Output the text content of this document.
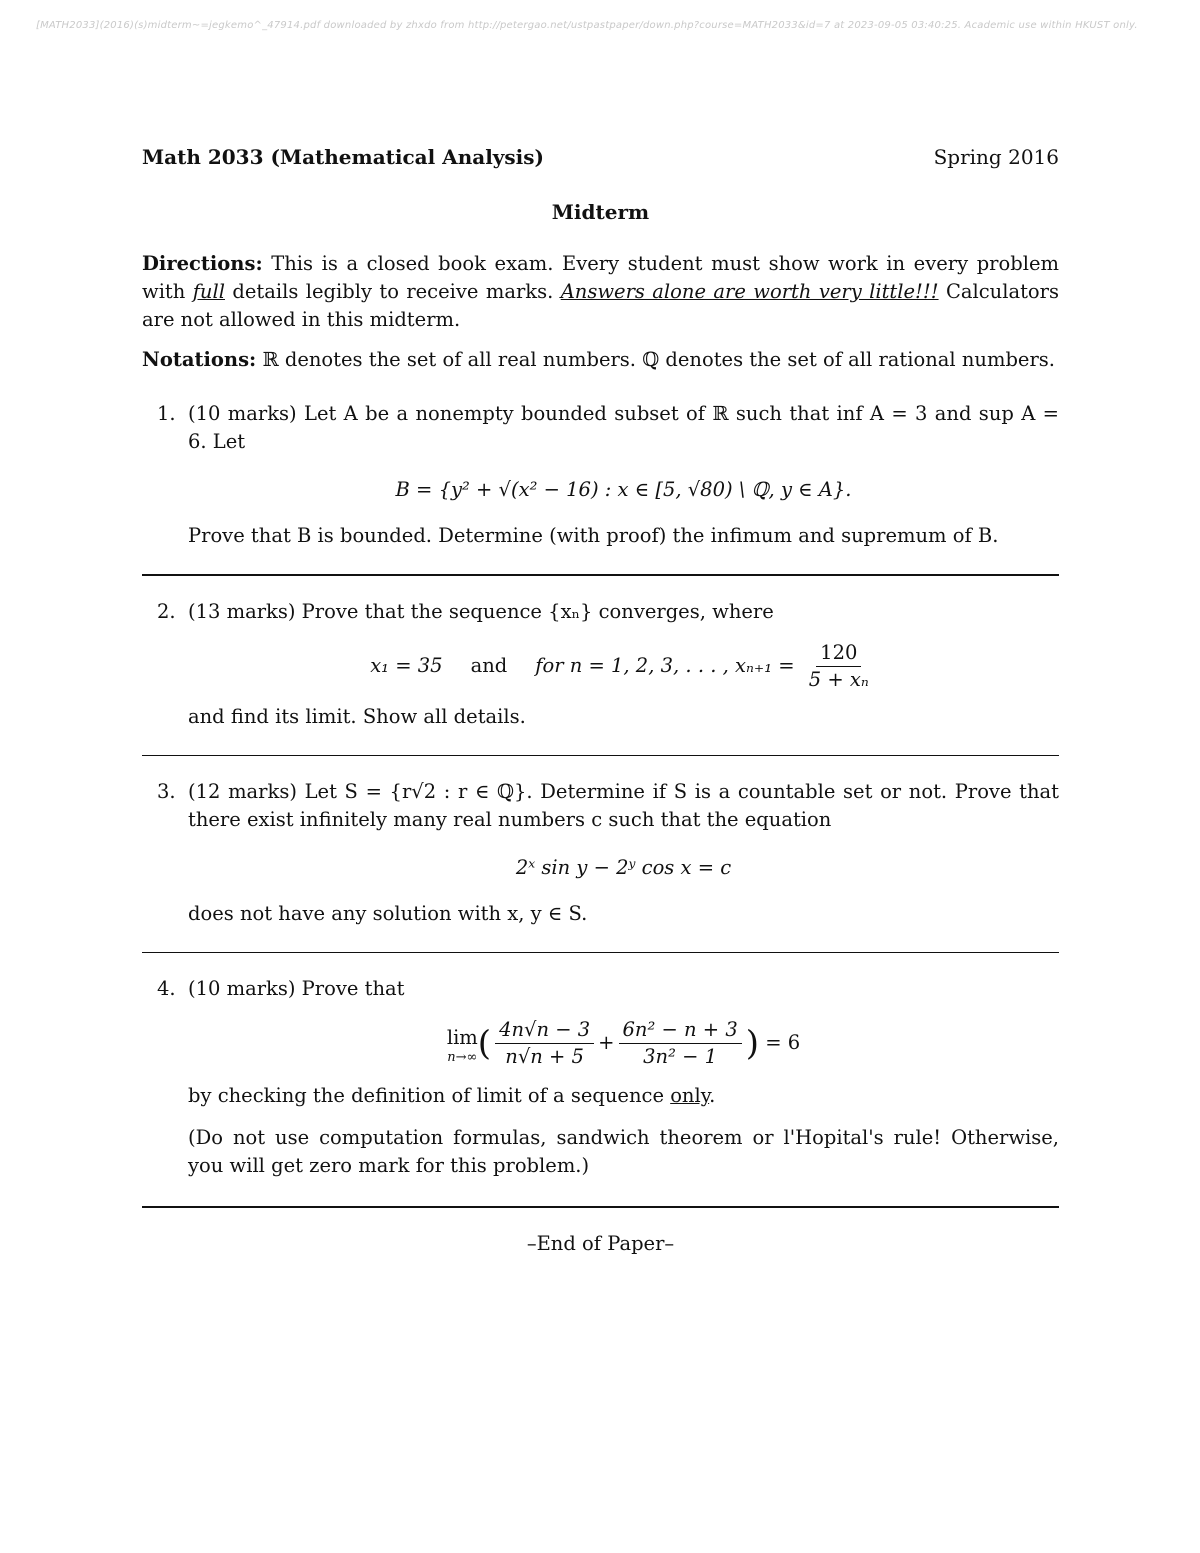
[MATH2033](2016)(s)midterm~=jegkemo^_47914.pdf downloaded by zhxdo from http://petergao.net/ustpastpaper/down.php?course=MATH2033&id=7 at 2023-09-05 03:40:25. Academic use within HKUST only.
Math 2033 (Mathematical Analysis)	Spring 2016
Midterm
Directions: This is a closed book exam. Every student must show work in every problem with full details legibly to receive marks. Answers alone are worth very little!!! Calculators are not allowed in this midterm.
Notations: ℝ denotes the set of all real numbers. ℚ denotes the set of all rational numbers.
1. (10 marks) Let A be a nonempty bounded subset of ℝ such that inf A = 3 and sup A = 6. Let
B = {y² + √(x² − 16) : x ∈ [5, √80) \ ℚ, y ∈ A}.
Prove that B is bounded. Determine (with proof) the infimum and supremum of B.
2. (13 marks) Prove that the sequence {xₙ} converges, where
x₁ = 35 and for n = 1, 2, 3, . . . , $x_{n+1} = \frac{120}{\text{5 + xₙ}}$
and find its limit. Show all details.
3. (12 marks) Let S = {r√2 : r ∈ ℚ}. Determine if S is a countable set or not. Prove that there exist infinitely many real numbers c such that the equation
2ˣ sin y − 2ʸ cos x = c
does not have any solution with x, y ∈ S.
4. (10 marks) Prove that
lim
n→∞ ( $\frac{4n√n - 3}{n√n + 5} + \frac{\text{6n² − n + 3}}{\text{3n² − 1}}$ ) = 6
by checking the definition of limit of a sequence only.
(Do not use computation formulas, sandwich theorem or l'Hopital's rule! Otherwise, you will get zero mark for this problem.)
–End of Paper–
